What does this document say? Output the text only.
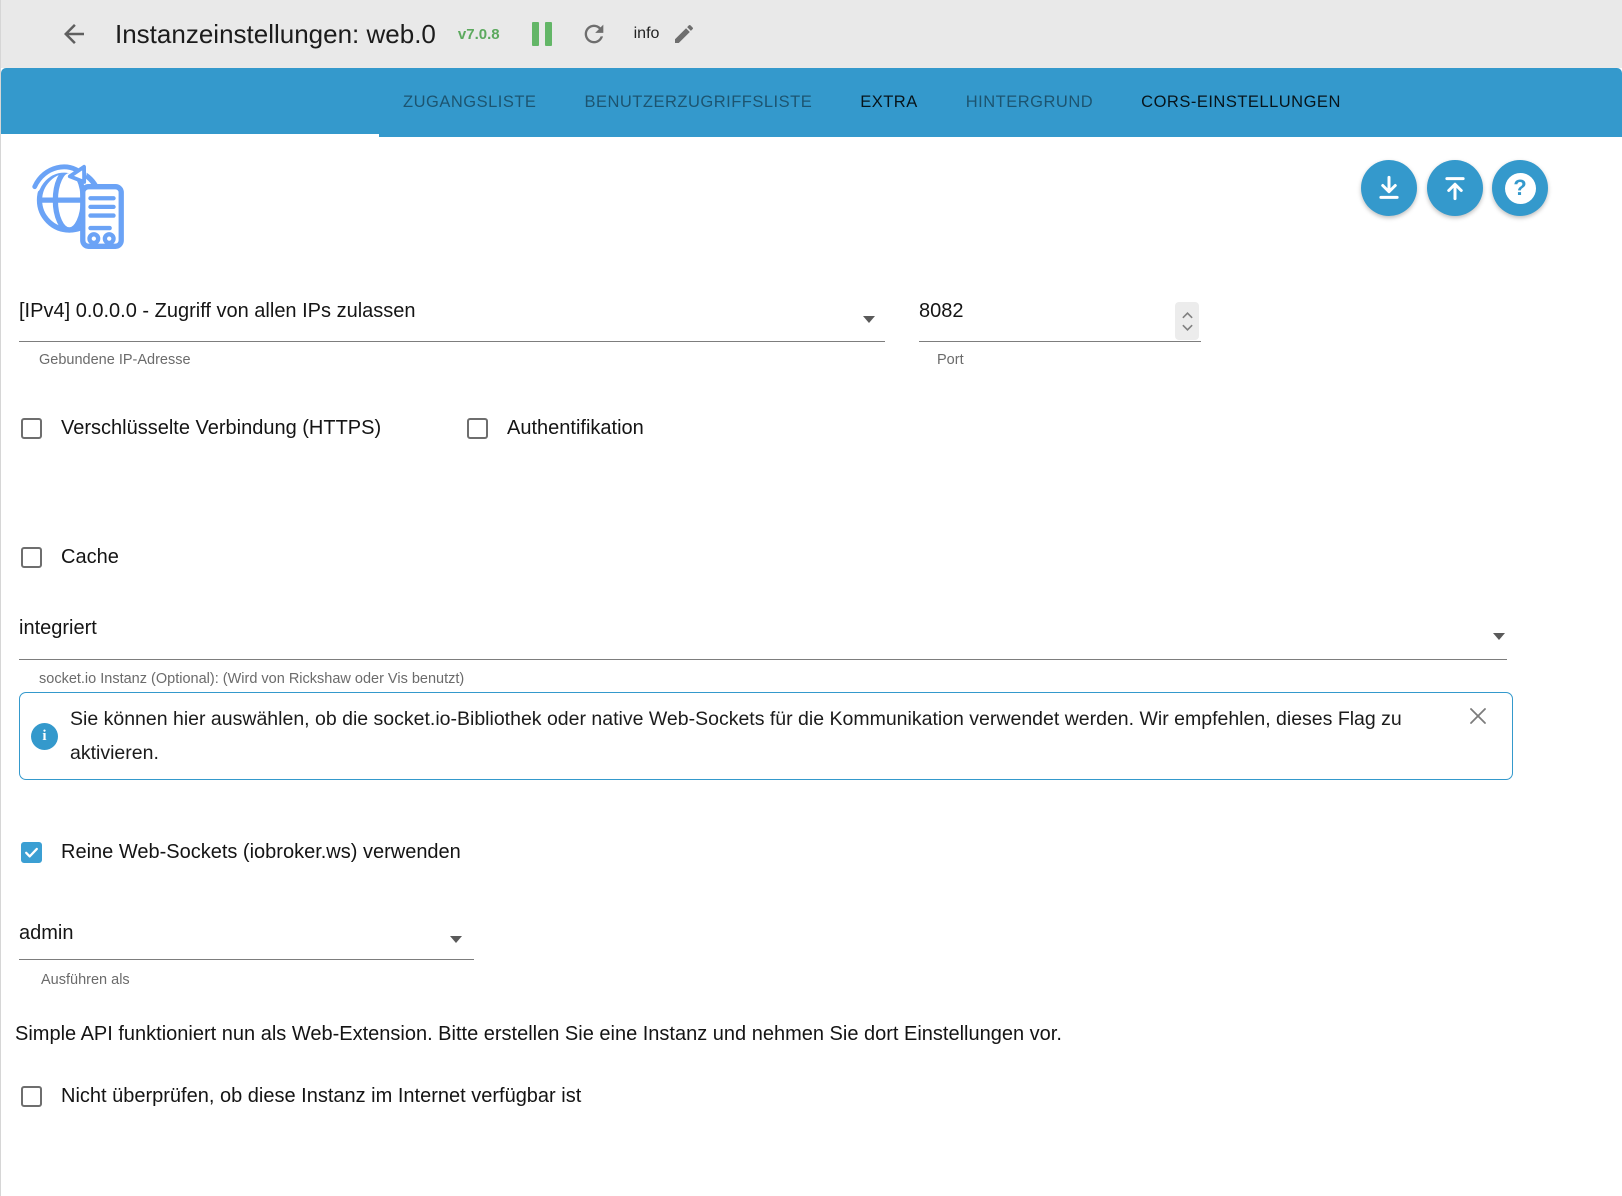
Instanzeinstellungen: web.0 v7.0.8	info
ZUGANGSLISTE	BENUTZERZUGRIFFSLISTE	EXTRA	HINTERGRUND	CORS-EINSTELLUNGEN
?
[IPv4] 0.0.0.0 - Zugriff von allen IPs zulassen
Gebundene IP-Adresse
8082
Port
Verschlüsselte Verbindung (HTTPS)	Authentifikation
Cache
integriert
socket.io Instanz (Optional): (Wird von Rickshaw oder Vis benutzt)
i
Sie können hier auswählen, ob die socket.io-Bibliothek oder native Web-Sockets für die Kommunikation verwendet werden. Wir empfehlen, dieses Flag zu aktivieren.
Reine Web-Sockets (iobroker.ws) verwenden
admin
Ausführen als
Simple API funktioniert nun als Web-Extension. Bitte erstellen Sie eine Instanz und nehmen Sie dort Einstellungen vor.
Nicht überprüfen, ob diese Instanz im Internet verfügbar ist
